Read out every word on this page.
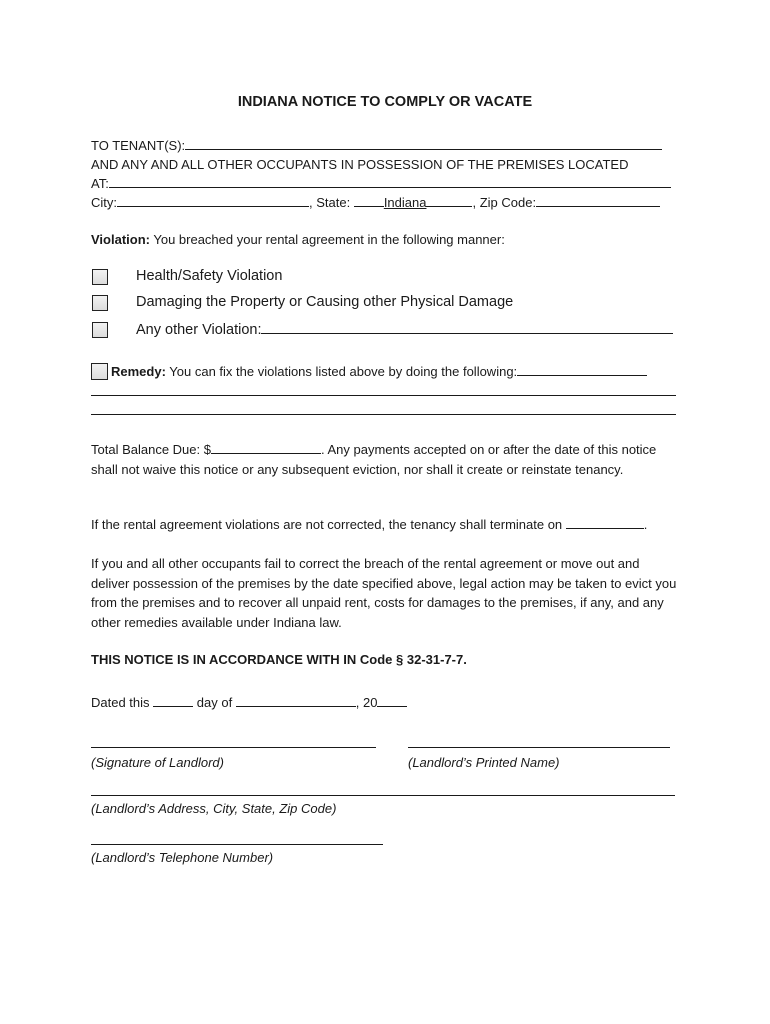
INDIANA NOTICE TO COMPLY OR VACATE
TO TENANT(S):
AND ANY AND ALL OTHER OCCUPANTS IN POSSESSION OF THE PREMISES LOCATED
AT:
City:	, State: Indiana	, Zip Code:
Violation: You breached your rental agreement in the following manner:
Health/Safety Violation
Damaging the Property or Causing other Physical Damage
Any other Violation:
Remedy: You can fix the violations listed above by doing the following:
Total Balance Due: $	. Any payments accepted on or after the date of this notice shall not waive this notice or any subsequent eviction, nor shall it create or reinstate tenancy.
If the rental agreement violations are not corrected, the tenancy shall terminate on	.
If you and all other occupants fail to correct the breach of the rental agreement or move out and deliver possession of the premises by the date specified above, legal action may be taken to evict you from the premises and to recover all unpaid rent, costs for damages to the premises, if any, and any other remedies available under Indiana law.
THIS NOTICE IS IN ACCORDANCE WITH IN Code § 32-31-7-7.
Dated this	day of	, 20
(Signature of Landlord)	(Landlord’s Printed Name)
(Landlord’s Address, City, State, Zip Code)
(Landlord’s Telephone Number)
